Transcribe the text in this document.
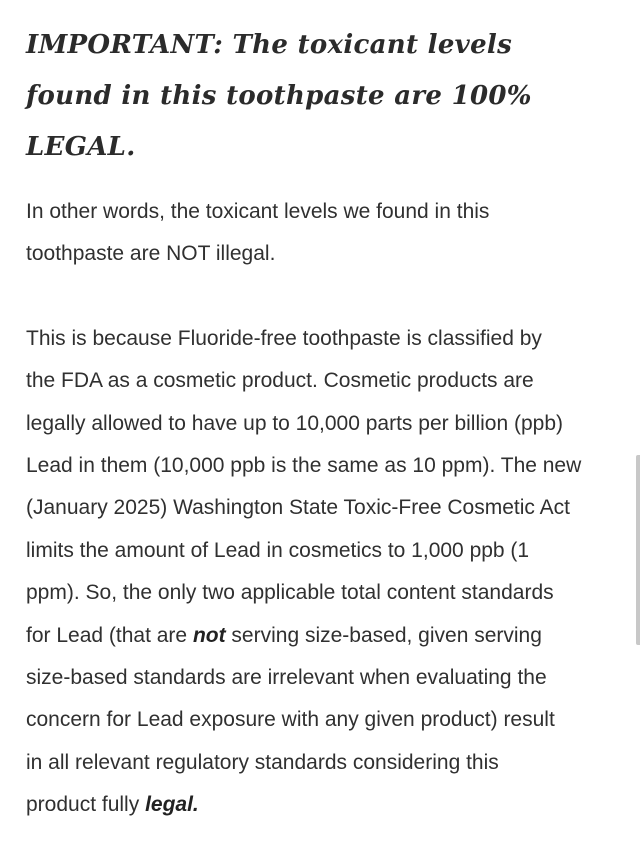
IMPORTANT: The toxicant levels
found in this toothpaste are 100%
LEGAL.

In other words, the toxicant levels we found in this
toothpaste are NOT illegal.

This is because Fluoride-free toothpaste is classified by
the FDA as a cosmetic product. Cosmetic products are
legally allowed to have up to 10,000 parts per billion (ppb)
Lead in them (10,000 ppb is the same as 10 ppm). The new
(January 2025) Washington State Toxic-Free Cosmetic Act
limits the amount of Lead in cosmetics to 1,000 ppb (1
ppm). So, the only two applicable total content standards
for Lead (that are not serving size-based, given serving
size-based standards are irrelevant when evaluating the
concern for Lead exposure with any given product) result
in all relevant regulatory standards considering this
product fully legal.
